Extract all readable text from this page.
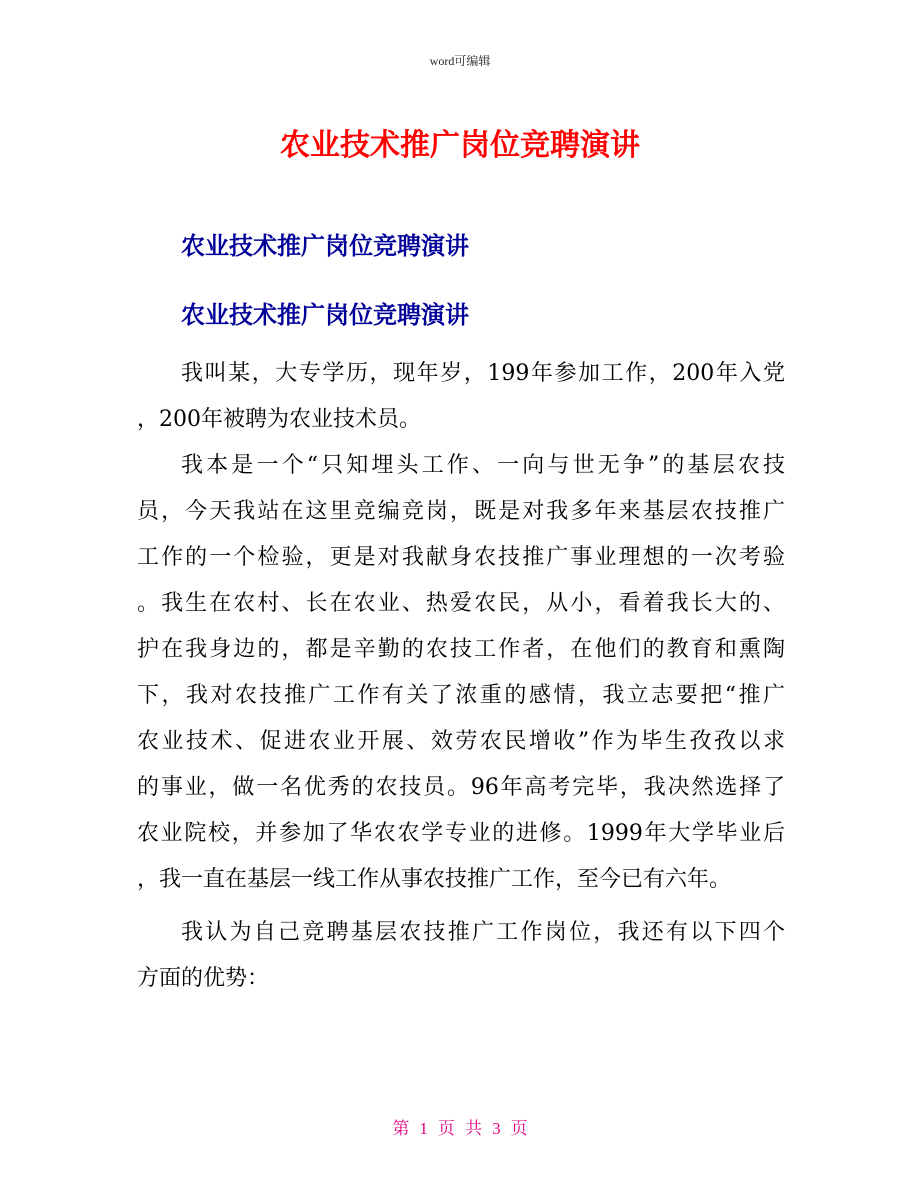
word可编辑
农业技术推广岗位竞聘演讲
农业技术推广岗位竞聘演讲
农业技术推广岗位竞聘演讲
我叫某，大专学历，现年岁，199年参加工作，200年入党
，200年被聘为农业技术员。
我本是一个“只知埋头工作、一向与世无争”的基层农技
员，今天我站在这里竞编竞岗，既是对我多年来基层农技推广
工作的一个检验，更是对我献身农技推广事业理想的一次考验
。我生在农村、长在农业、热爱农民，从小，看着我长大的、
护在我身边的，都是辛勤的农技工作者，在他们的教育和熏陶
下，我对农技推广工作有关了浓重的感情，我立志要把“推广
农业技术、促进农业开展、效劳农民增收”作为毕生孜孜以求
的事业，做一名优秀的农技员。96年高考完毕，我决然选择了
农业院校，并参加了华农农学专业的进修。1999年大学毕业后
，我一直在基层一线工作从事农技推广工作，至今已有六年。
我认为自己竞聘基层农技推广工作岗位，我还有以下四个
方面的优势：
第 1 页 共 3 页
